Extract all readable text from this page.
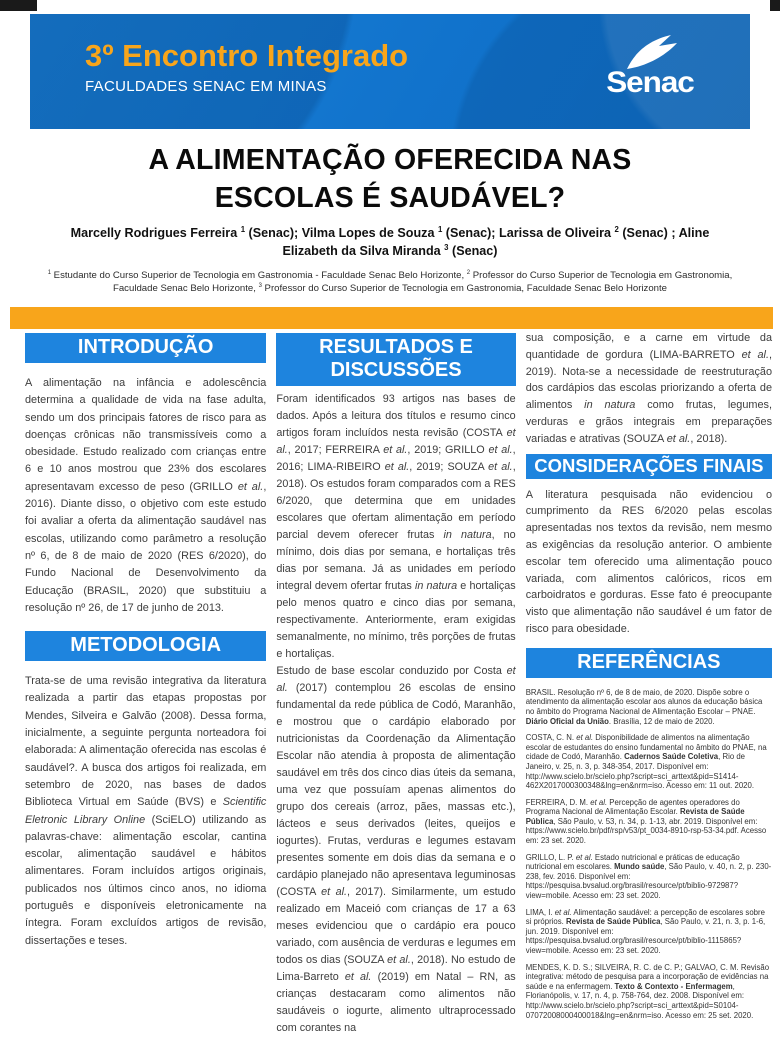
3º Encontro Integrado
FACULDADES SENAC EM MINAS	Senac
A ALIMENTAÇÃO OFERECIDA NAS
ESCOLAS É SAUDÁVEL?
Marcelly Rodrigues Ferreira $^1$ (Senac); Vilma Lopes de Souza $^1$ (Senac); Larissa de Oliveira $^2$ (Senac) ; Aline Elizabeth da Silva Miranda $^3$ (Senac)
$^1$ Estudante do Curso Superior de Tecnologia em Gastronomia - Faculdade Senac Belo Horizonte, $^2$ Professor do Curso Superior de Tecnologia em Gastronomia, Faculdade Senac Belo Horizonte, $^3$ Professor do Curso Superior de Tecnologia em Gastronomia, Faculdade Senac Belo Horizonte
INTRODUÇÃO

A alimentação na infância e adolescência determina a qualidade de vida na fase adulta, sendo um dos principais fatores de risco para as doenças crônicas não transmissíveis como a obesidade. Estudo realizado com crianças entre 6 e 10 anos mostrou que 23% dos escolares apresentavam excesso de peso (GRILLO et al., 2016). Diante disso, o objetivo com este estudo foi avaliar a oferta da alimentação saudável nas escolas, utilizando como parâmetro a resolução nº 6, de 8 de maio de 2020 (RES 6/2020), do Fundo Nacional de Desenvolvimento da Educação (BRASIL, 2020) que substituiu a resolução nº 26, de 17 de junho de 2013.

METODOLOGIA

Trata-se de uma revisão integrativa da literatura realizada a partir das etapas propostas por Mendes, Silveira e Galvão (2008). Dessa forma, inicialmente, a seguinte pergunta norteadora foi elaborada: A alimentação oferecida nas escolas é saudável?. A busca dos artigos foi realizada, em setembro de 2020, nas bases de dados Biblioteca Virtual em Saúde (BVS) e Scientific Eletronic Library Online (SciELO) utilizando as palavras-chave: alimentação escolar, cantina escolar, alimentação saudável e hábitos alimentares. Foram incluídos artigos originais, publicados nos últimos cinco anos, no idioma português e disponíveis eletronicamente na íntegra. Foram excluídos artigos de revisão, dissertações e teses.

RESULTADOS E DISCUSSÕES

Foram identificados 93 artigos nas bases de dados. Após a leitura dos títulos e resumo cinco artigos foram incluídos nesta revisão (COSTA et al., 2017; FERREIRA et al., 2019; GRILLO et al., 2016; LIMA-RIBEIRO et al., 2019; SOUZA et al., 2018). Os estudos foram comparados com a RES 6/2020, que determina que em unidades escolares que ofertam alimentação em período parcial devem oferecer frutas in natura, no mínimo, dois dias por semana, e hortaliças três dias por semana. Já as unidades em período integral devem ofertar frutas in natura e hortaliças pelo menos quatro e cinco dias por semana, respectivamente. Anteriormente, eram exigidas semanalmente, no mínimo, três porções de frutas e hortaliças.

Estudo de base escolar conduzido por Costa et al. (2017) contemplou 26 escolas de ensino fundamental da rede pública de Codó, Maranhão, e mostrou que o cardápio elaborado por nutricionistas da Coordenação da Alimentação Escolar não atendia à proposta de alimentação saudável em três dos cinco dias úteis da semana, uma vez que possuíam apenas alimentos do grupo dos cereais (arroz, pães, massas etc.), lácteos e seus derivados (leites, queijos e iogurtes). Frutas, verduras e legumes estavam presentes somente em dois dias da semana e o cardápio planejado não apresentava leguminosas (COSTA et al., 2017). Similarmente, um estudo realizado em Maceió com crianças de 17 a 63 meses evidenciou que o cardápio era pouco variado, com ausência de verduras e legumes em todos os dias (SOUZA et al., 2018). No estudo de Lima-Barreto et al. (2019) em Natal – RN, as crianças destacaram como alimentos não saudáveis o iogurte, alimento ultraprocessado com corantes na

sua composição, e a carne em virtude da quantidade de gordura (LIMA-BARRETO et al., 2019). Nota-se a necessidade de reestruturação dos cardápios das escolas priorizando a oferta de alimentos in natura como frutas, legumes, verduras e grãos integrais em preparações variadas e atrativas (SOUZA et al., 2018).

CONSIDERAÇÕES FINAIS

A literatura pesquisada não evidenciou o cumprimento da RES 6/2020 pelas escolas apresentadas nos textos da revisão, nem mesmo as exigências da resolução anterior. O ambiente escolar tem oferecido uma alimentação pouco variada, com alimentos calóricos, ricos em carboidratos e gorduras. Esse fato é preocupante visto que alimentação não saudável é um fator de risco para obesidade.

REFERÊNCIAS

BRASIL. Resolução nº 6, de 8 de maio, de 2020. Dispõe sobre o atendimento da alimentação escolar aos alunos da educação básica no âmbito do Programa Nacional de Alimentação Escolar – PNAE. Diário Oficial da União. Brasília, 12 de maio de 2020.

COSTA, C. N. et al. Disponibilidade de alimentos na alimentação escolar de estudantes do ensino fundamental no âmbito do PNAE, na cidade de Codó, Maranhão. Cadernos Saúde Coletiva, Rio de Janeiro, v. 25, n. 3, p. 348-354, 2017. Disponível em: http://www.scielo.br/scielo.php?script=sci_arttext&pid=S1414-462X2017000300348&lng=en&nrm=iso. Acesso em: 11 out. 2020.

FERREIRA, D. M. et al. Percepção de agentes operadores do Programa Nacional de Alimentação Escolar. Revista de Saúde Pública, São Paulo, v. 53, n. 34, p. 1-13, abr. 2019. Disponível em: https://www.scielo.br/pdf/rsp/v53/pt_0034-8910-rsp-53-34.pdf. Acesso em: 23 set. 2020.

GRILLO, L. P. et al. Estado nutricional e práticas de educação nutricional em escolares. Mundo saúde, São Paulo, v. 40, n. 2, p. 230-238, fev. 2016. Disponível em: https://pesquisa.bvsalud.org/brasil/resource/pt/biblio-972987?view=mobile. Acesso em: 23 set. 2020.

LIMA, I. et al. Alimentação saudável: a percepção de escolares sobre si próprios. Revista de Saúde Pública, São Paulo, v. 21, n. 3, p. 1-6, jun. 2019. Disponível em: https://pesquisa.bvsalud.org/brasil/resource/pt/biblio-1115865?view=mobile. Acesso em: 23 set. 2020.

MENDES, K. D. S.; SILVEIRA, R. C. de C. P.; GALVAO, C. M. Revisão integrativa: método de pesquisa para a incorporação de evidências na saúde e na enfermagem. Texto & Contexto - Enfermagem, Florianópolis, v. 17, n. 4, p. 758-764, dez. 2008. Disponível em: http://www.scielo.br/scielo.php?script=sci_arttext&pid=S0104-07072008000400018&lng=en&nrm=iso. Acesso em: 25 set. 2020.
